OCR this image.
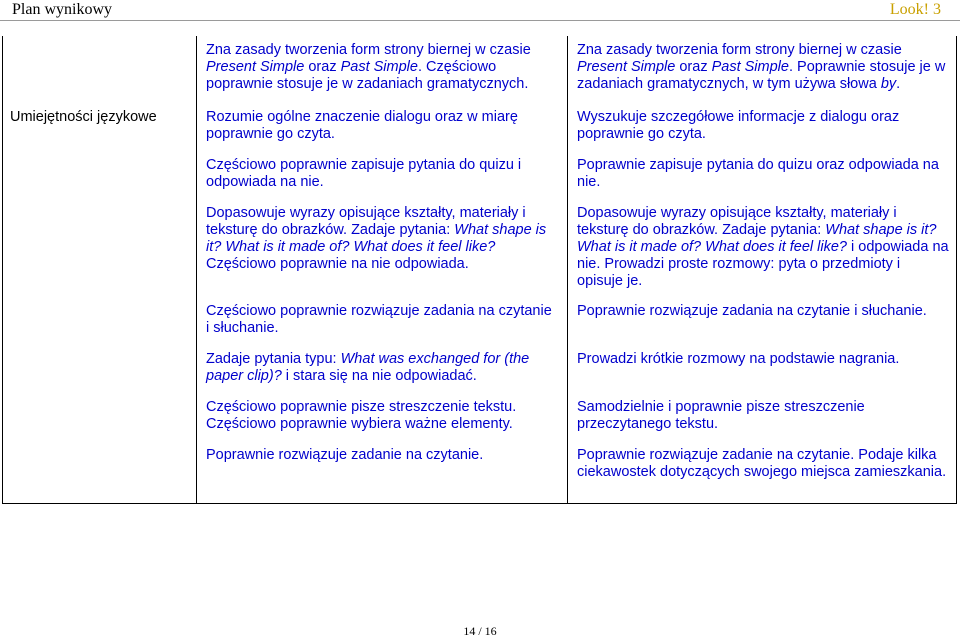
Plan wynikowy	Look! 3
Umiejętności językowe
Zna zasady tworzenia form strony biernej w czasie Present Simple oraz Past Simple. Częściowo poprawnie stosuje je w zadaniach gramatycznych.
Rozumie ogólne znaczenie dialogu oraz w miarę poprawnie go czyta.
Częściowo poprawnie zapisuje pytania do quizu i odpowiada na nie.
Dopasowuje wyrazy opisujące kształty, materiały i teksturę do obrazków. Zadaje pytania: What shape is it? What is it made of? What does it feel like? Częściowo poprawnie na nie odpowiada.
Częściowo poprawnie rozwiązuje zadania na czytanie i słuchanie.
Zadaje pytania typu: What was exchanged for (the paper clip)? i stara się na nie odpowiadać.
Częściowo poprawnie pisze streszczenie tekstu. Częściowo poprawnie wybiera ważne elementy.
Poprawnie rozwiązuje zadanie na czytanie.
Zna zasady tworzenia form strony biernej w czasie Present Simple oraz Past Simple. Poprawnie stosuje je w zadaniach gramatycznych, w tym używa słowa by.
Wyszukuje szczegółowe informacje z dialogu oraz poprawnie go czyta.
Poprawnie zapisuje pytania do quizu oraz odpowiada na nie.
Dopasowuje wyrazy opisujące kształty, materiały i teksturę do obrazków. Zadaje pytania: What shape is it? What is it made of? What does it feel like? i odpowiada na nie. Prowadzi proste rozmowy: pyta o przedmioty i opisuje je.
Poprawnie rozwiązuje zadania na czytanie i słuchanie.
Prowadzi krótkie rozmowy na podstawie nagrania.
Samodzielnie i poprawnie pisze streszczenie przeczytanego tekstu.
Poprawnie rozwiązuje zadanie na czytanie. Podaje kilka ciekawostek dotyczących swojego miejsca zamieszkania.
14 / 16
